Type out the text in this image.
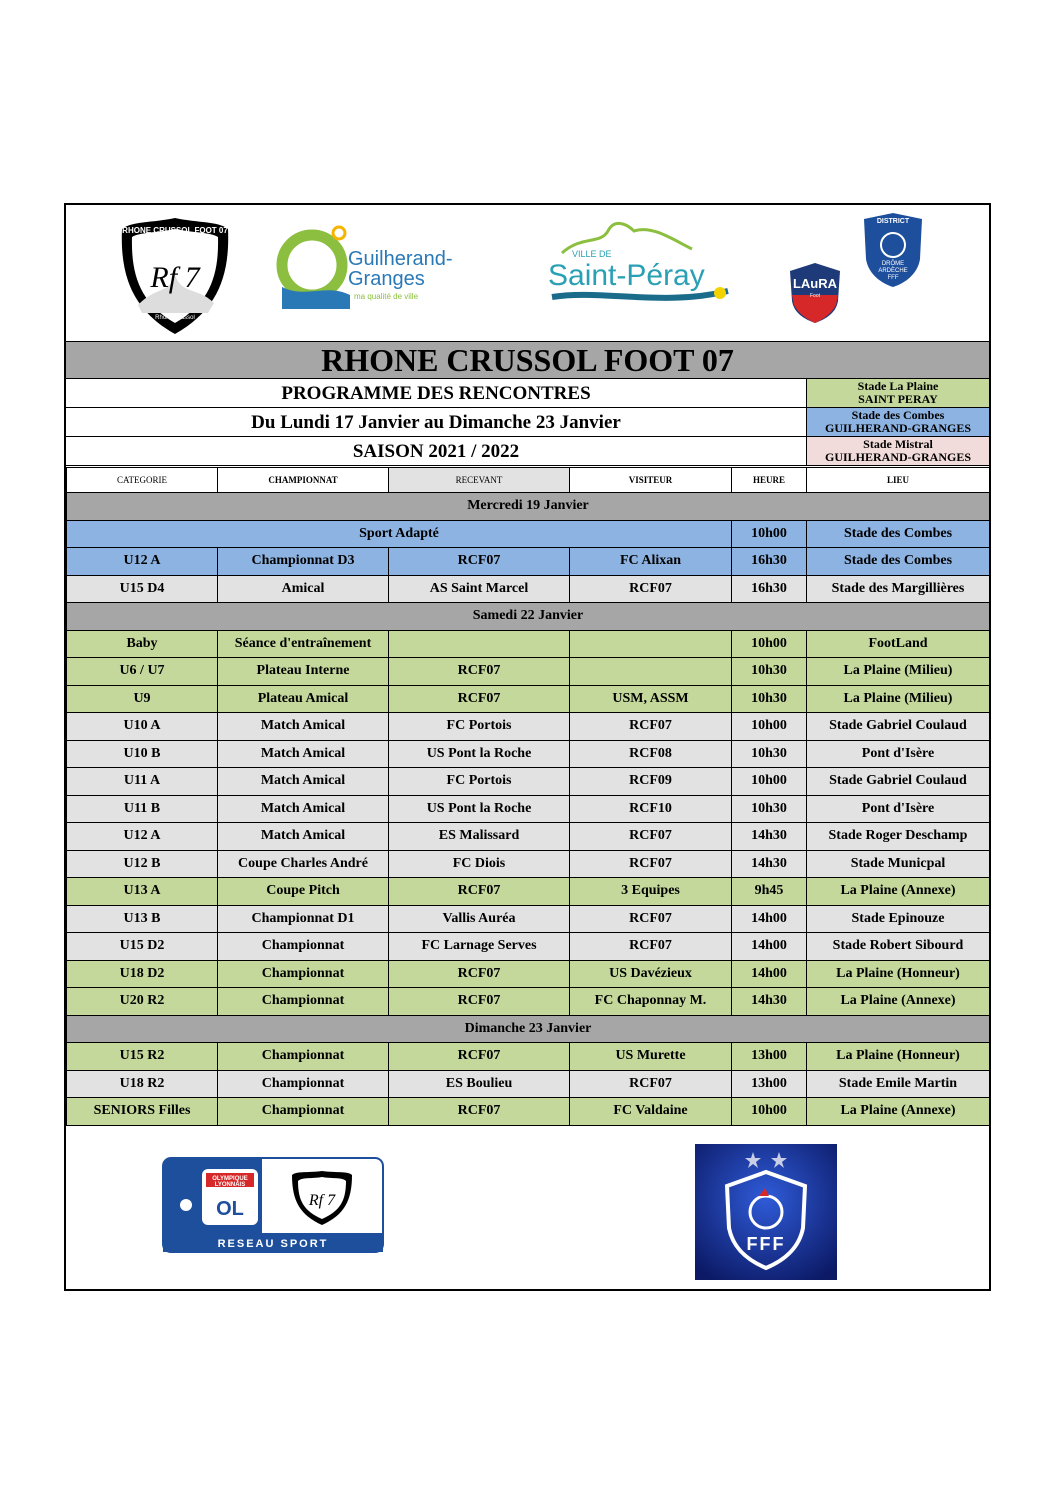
RHONE CRUSSOL FOOT 07
Rf 7
Rhône Crussol
Guilherand-
Granges
ma qualité de ville
VILLE DE
Saint-Péray	LAuRA
Foot
DISTRICT
DRÔME
ARDÈCHE
FFF
RHONE CRUSSOL FOOT 07
PROGRAMME DES RENCONTRES
Du Lundi 17 Janvier au Dimanche 23 Janvier
SAISON 2021 / 2022
Stade La Plaine
SAINT PERAY
Stade des Combes
GUILHERAND-GRANGES
Stade Mistral
GUILHERAND-GRANGES
CATEGORIE	CHAMPIONNAT	RECEVANT	VISITEUR	HEURE	LIEU
Mercredi 19 Janvier					
Sport Adapté				10h00	Stade des Combes
U12 A	Championnat D3	RCF07	FC Alixan	16h30	Stade des Combes
U15 D4	Amical	AS Saint Marcel	RCF07	16h30	Stade des Margillières
Samedi 22 Janvier					
Baby	Séance d'entraînement			10h00	FootLand
U6 / U7	Plateau Interne	RCF07		10h30	La Plaine (Milieu)
U9	Plateau Amical	RCF07	USM, ASSM	10h30	La Plaine (Milieu)
U10 A	Match Amical	FC Portois	RCF07	10h00	Stade Gabriel Coulaud
U10 B	Match Amical	US Pont la Roche	RCF08	10h30	Pont d'Isère
U11 A	Match Amical	FC Portois	RCF09	10h00	Stade Gabriel Coulaud
U11 B	Match Amical	US Pont la Roche	RCF10	10h30	Pont d'Isère
U12 A	Match Amical	ES Malissard	RCF07	14h30	Stade Roger Deschamp
U12 B	Coupe Charles André	FC Diois	RCF07	14h30	Stade Municpal
U13 A	Coupe Pitch	RCF07	3 Equipes	9h45	La Plaine (Annexe)
U13 B	Championnat D1	Vallis Auréa	RCF07	14h00	Stade Epinouze
U15 D2	Championnat	FC Larnage Serves	RCF07	14h00	Stade Robert Sibourd
U18 D2	Championnat	RCF07	US Davézieux	14h00	La Plaine (Honneur)
U20 R2	Championnat	RCF07	FC Chaponnay M.	14h30	La Plaine (Annexe)
Dimanche 23 Janvier					
U15 R2	Championnat	RCF07	US Murette	13h00	La Plaine (Honneur)
U18 R2	Championnat	ES Boulieu	RCF07	13h00	Stade Emile Martin
SENIORS Filles	Championnat	RCF07	FC Valdaine	10h00	La Plaine (Annexe)
OLYMPIQUE
LYONNAIS
OL	Rf 7
RESEAU SPORT	FFF
